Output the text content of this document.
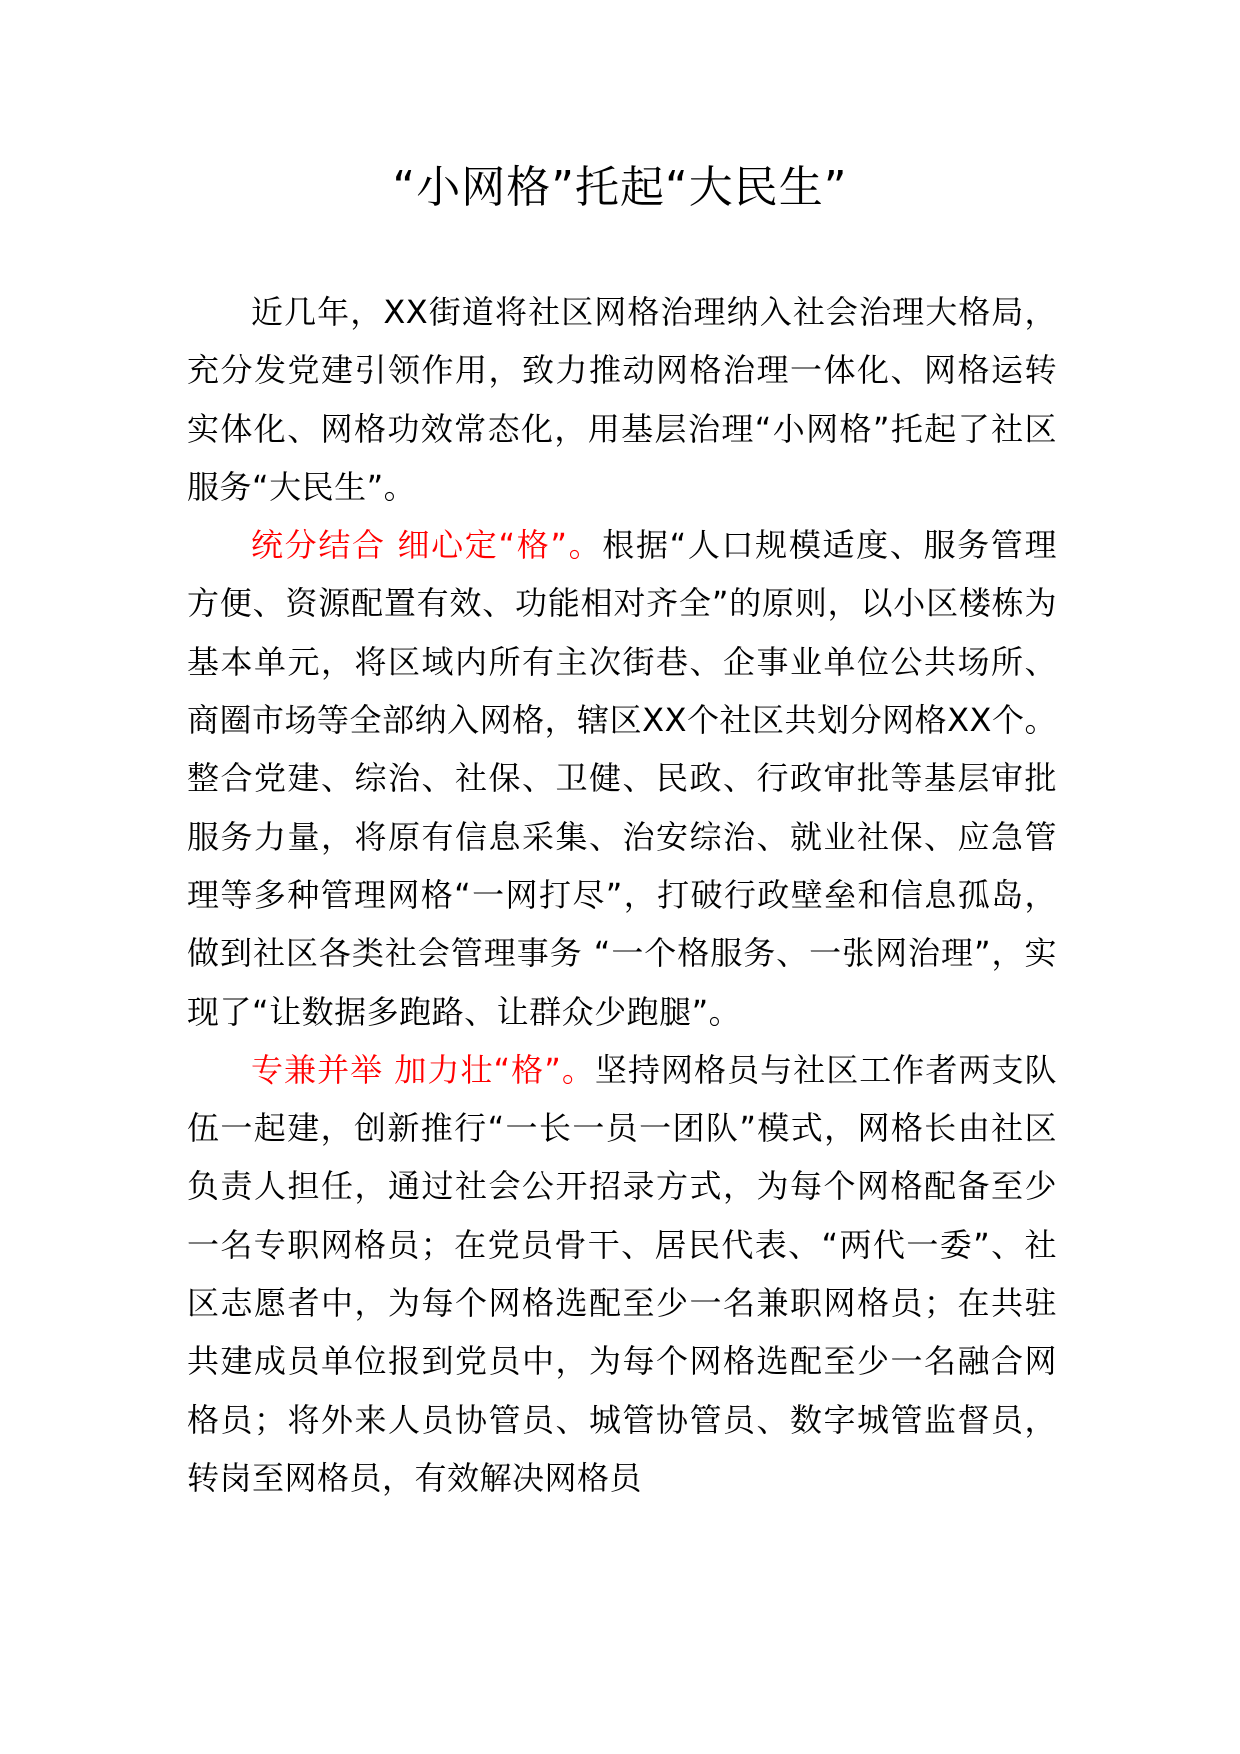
“小网格”托起“大民生”

近几年，XX街道将社区网格治理纳入社会治理大格局，充分发党建引领作用，致力推动网格治理一体化、网格运转实体化、网格功效常态化，用基层治理“小网格”托起了社区服务“大民生”。

统分结合 细心定“格”。根据“人口规模适度、服务管理方便、资源配置有效、功能相对齐全”的原则，以小区楼栋为基本单元，将区域内所有主次街巷、企事业单位公共场所、商圈市场等全部纳入网格，辖区XX个社区共划分网格XX个。整合党建、综治、社保、卫健、民政、行政审批等基层审批服务力量，将原有信息采集、治安综治、就业社保、应急管理等多种管理网格“一网打尽”，打破行政壁垒和信息孤岛，做到社区各类社会管理事务 “一个格服务、一张网治理”，实现了“让数据多跑路、让群众少跑腿”。

专兼并举 加力壮“格”。坚持网格员与社区工作者两支队伍一起建，创新推行“一长一员一团队”模式，网格长由社区负责人担任，通过社会公开招录方式，为每个网格配备至少一名专职网格员；在党员骨干、居民代表、“两代一委”、社区志愿者中，为每个网格选配至少一名兼职网格员；在共驻共建成员单位报到党员中，为每个网格选配至少一名融合网格员；将外来人员协管员、城管协管员、数字城管监督员，转岗至网格员，有效解决网格员
